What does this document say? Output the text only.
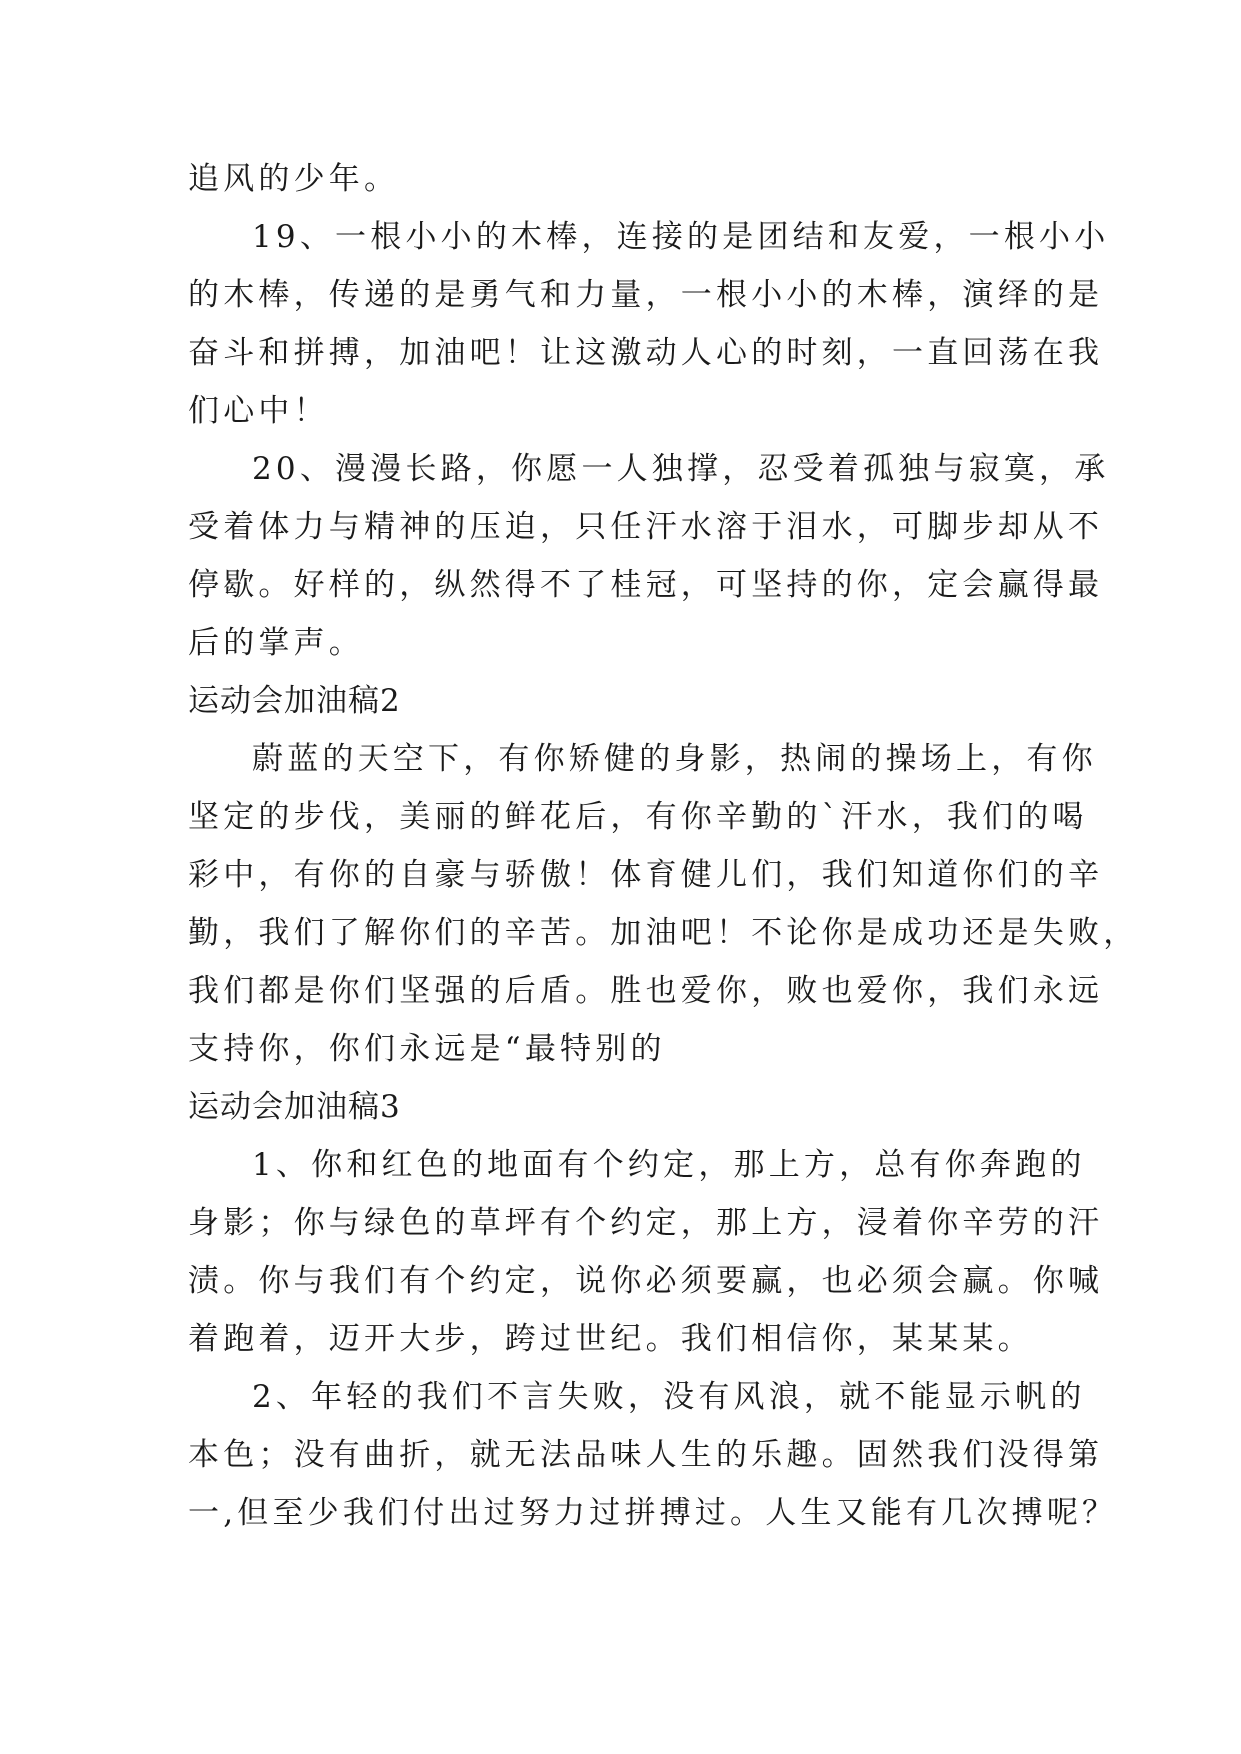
追风的少年。

19、一根小小的木棒，连接的是团结和友爱，一根小小

的木棒，传递的是勇气和力量，一根小小的木棒，演绎的是

奋斗和拼搏，加油吧！让这激动人心的时刻，一直回荡在我

们心中！

20、漫漫长路，你愿一人独撑，忍受着孤独与寂寞，承

受着体力与精神的压迫，只任汗水溶于泪水，可脚步却从不

停歇。好样的，纵然得不了桂冠，可坚持的你，定会赢得最

后的掌声。

运动会加油稿2

蔚蓝的天空下，有你矫健的身影，热闹的操场上，有你

坚定的步伐，美丽的鲜花后，有你辛勤的`汗水，我们的喝

彩中，有你的自豪与骄傲！体育健儿们，我们知道你们的辛

勤，我们了解你们的辛苦。加油吧！不论你是成功还是失败，

我们都是你们坚强的后盾。胜也爱你，败也爱你，我们永远

支持你，你们永远是“最特别的

运动会加油稿3

1、你和红色的地面有个约定，那上方，总有你奔跑的

身影；你与绿色的草坪有个约定，那上方，浸着你辛劳的汗

渍。你与我们有个约定，说你必须要赢，也必须会赢。你喊

着跑着，迈开大步，跨过世纪。我们相信你，某某某。

2、年轻的我们不言失败，没有风浪，就不能显示帆的

本色；没有曲折，就无法品味人生的乐趣。固然我们没得第

一,但至少我们付出过努力过拼搏过。人生又能有几次搏呢？
